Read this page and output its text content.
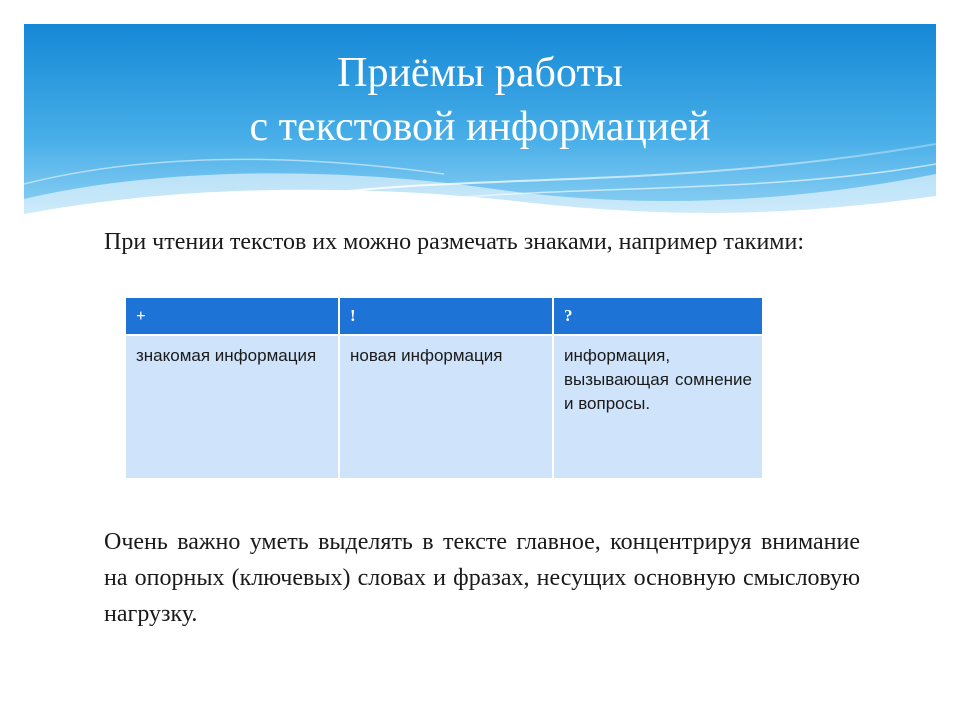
Приёмы работы
с текстовой информацией

При чтении текстов их можно размечать знаками, например такими:

+	!	?
знакомая информация	новая информация	информация, вызывающая сомнение и вопросы.

Очень важно уметь выделять в тексте главное, концентрируя внимание на опорных (ключевых) словах и фразах, несущих основную смысловую нагрузку.
